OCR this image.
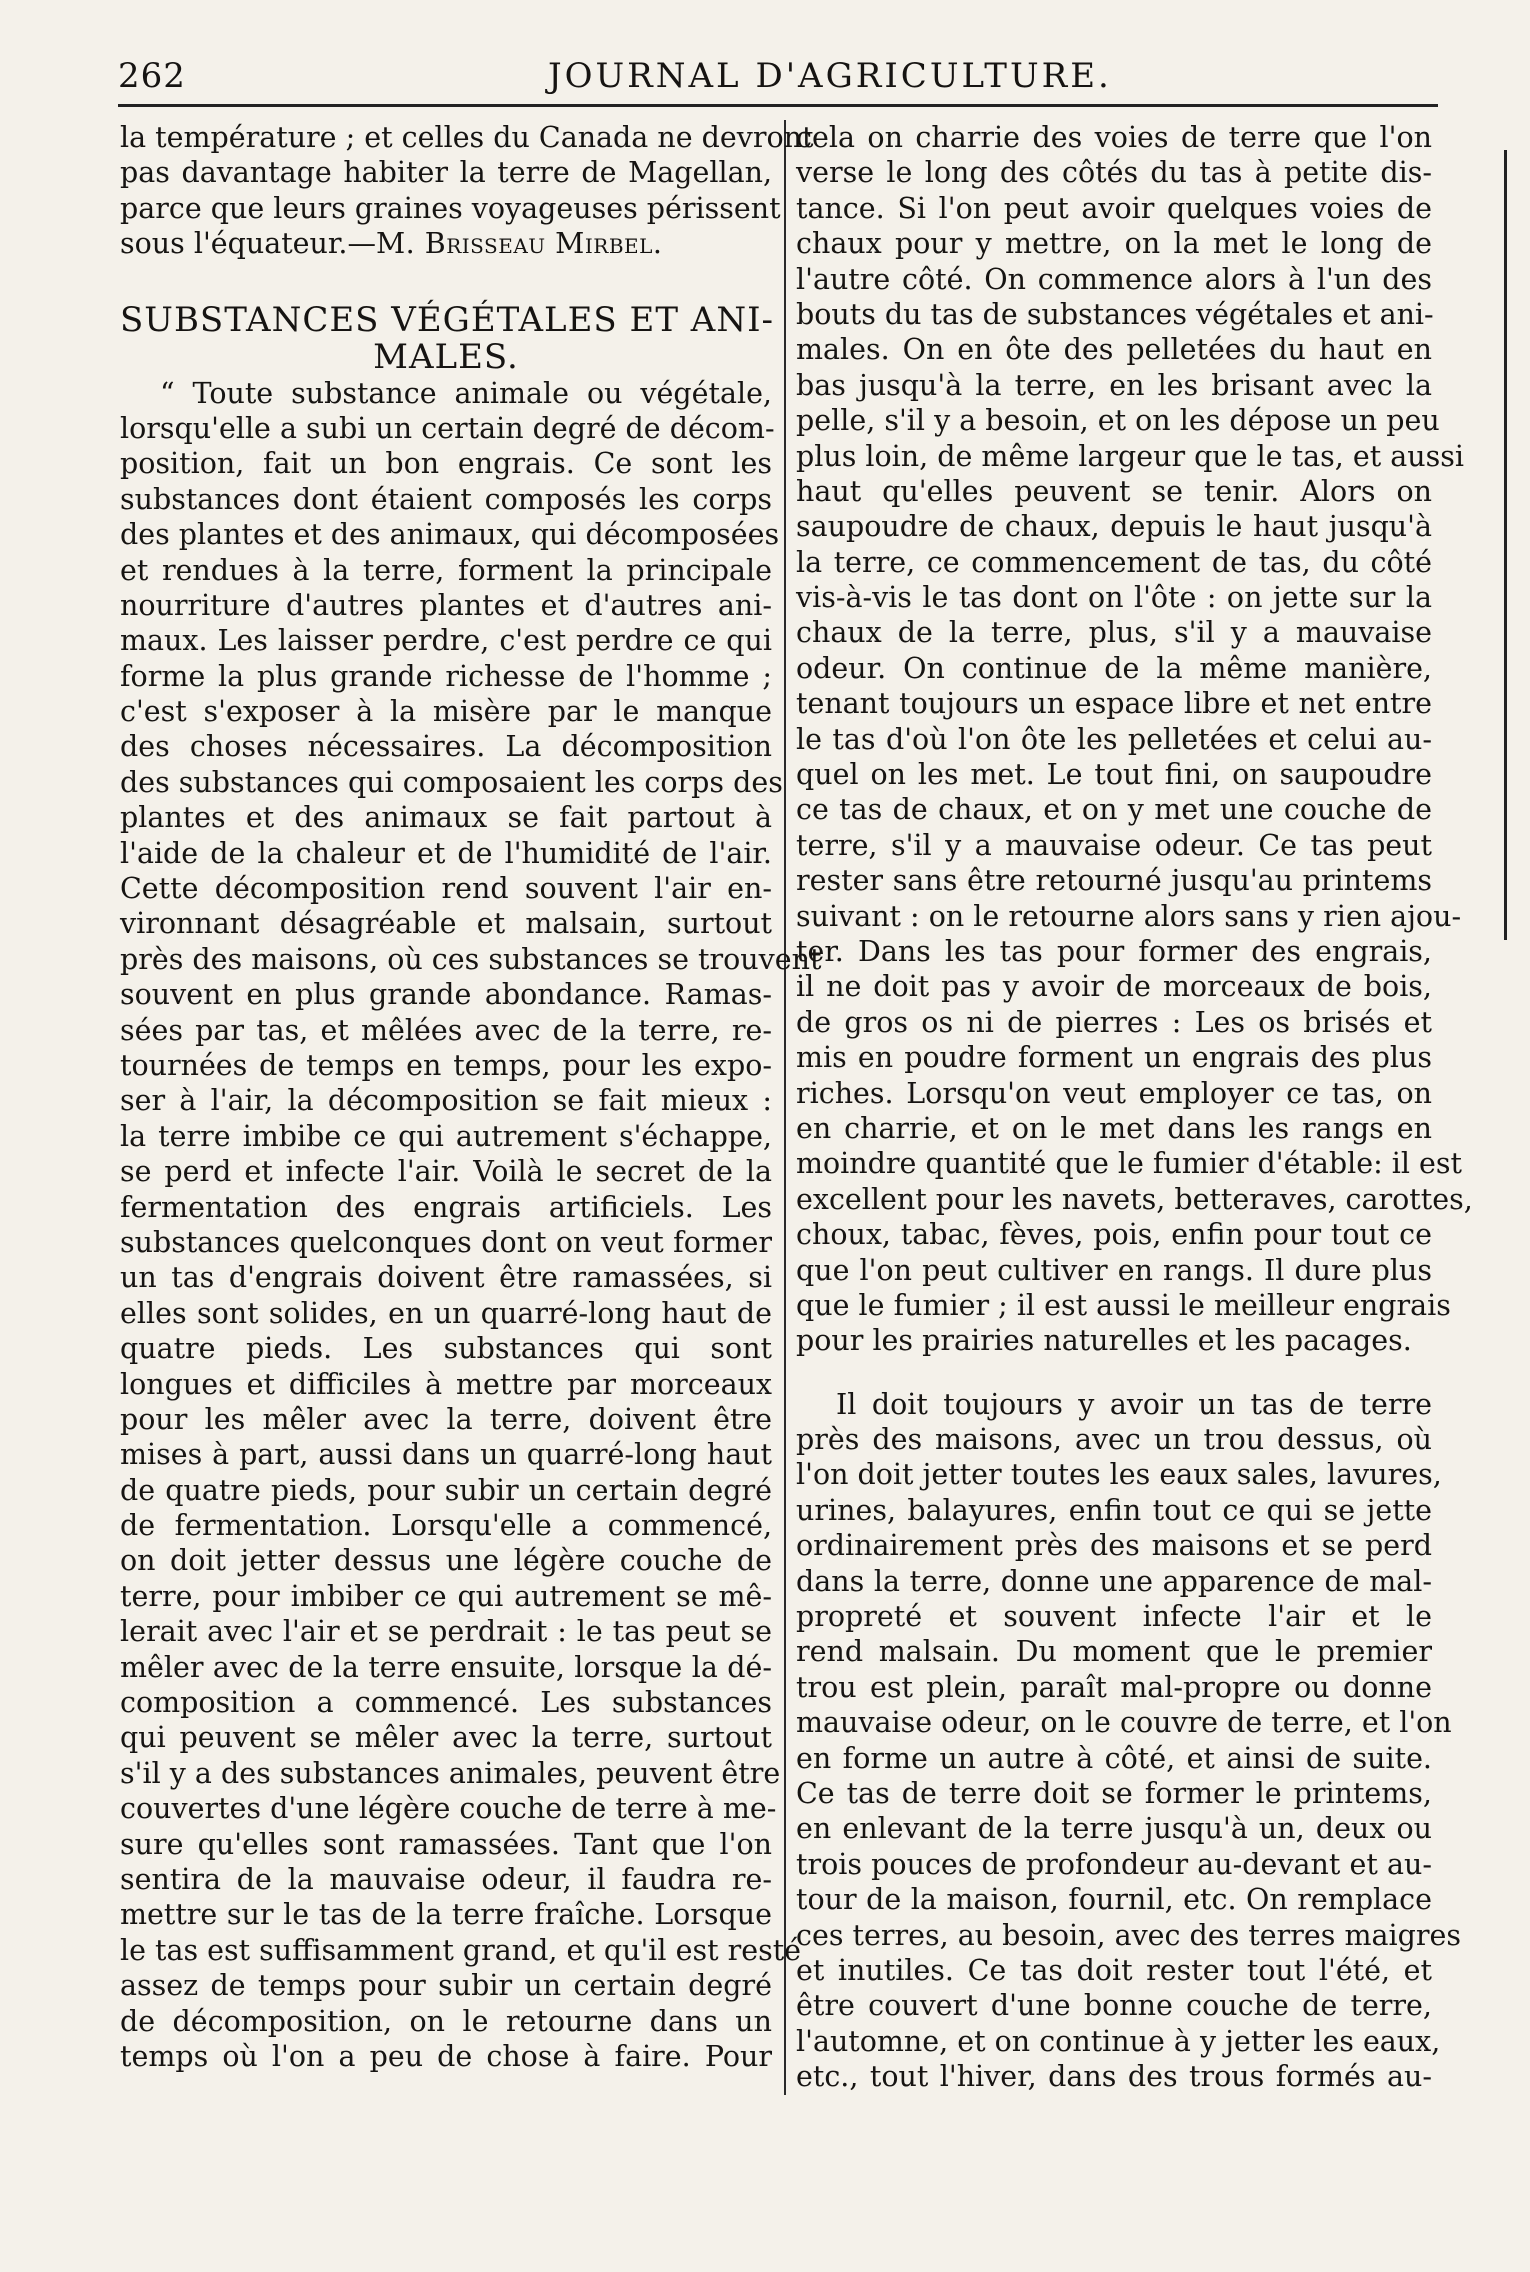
262	JOURNAL D'AGRICULTURE.
la température ; et celles du Canada ne devront
pas davantage habiter la terre de Magellan,
parce que leurs graines voyageuses périssent
sous l'équateur.—M. Brisseau Mirbel.
SUBSTANCES VÉGÉTALES ET ANI-
MALES.
“ Toute substance animale ou végétale,
lorsqu'elle a subi un certain degré de décom-
position, fait un bon engrais. Ce sont les
substances dont étaient composés les corps
des plantes et des animaux, qui décomposées
et rendues à la terre, forment la principale
nourriture d'autres plantes et d'autres ani-
maux. Les laisser perdre, c'est perdre ce qui
forme la plus grande richesse de l'homme ;
c'est s'exposer à la misère par le manque
des choses nécessaires. La décomposition
des substances qui composaient les corps des
plantes et des animaux se fait partout à
l'aide de la chaleur et de l'humidité de l'air.
Cette décomposition rend souvent l'air en-
vironnant désagréable et malsain, surtout
près des maisons, où ces substances se trouvent
souvent en plus grande abondance. Ramas-
sées par tas, et mêlées avec de la terre, re-
tournées de temps en temps, pour les expo-
ser à l'air, la décomposition se fait mieux :
la terre imbibe ce qui autrement s'échappe,
se perd et infecte l'air. Voilà le secret de la
fermentation des engrais artificiels. Les
substances quelconques dont on veut former
un tas d'engrais doivent être ramassées, si
elles sont solides, en un quarré-long haut de
quatre pieds. Les substances qui sont
longues et difficiles à mettre par morceaux
pour les mêler avec la terre, doivent être
mises à part, aussi dans un quarré-long haut
de quatre pieds, pour subir un certain degré
de fermentation. Lorsqu'elle a commencé,
on doit jetter dessus une légère couche de
terre, pour imbiber ce qui autrement se mê-
lerait avec l'air et se perdrait : le tas peut se
mêler avec de la terre ensuite, lorsque la dé-
composition a commencé. Les substances
qui peuvent se mêler avec la terre, surtout
s'il y a des substances animales, peuvent être
couvertes d'une légère couche de terre à me-
sure qu'elles sont ramassées. Tant que l'on
sentira de la mauvaise odeur, il faudra re-
mettre sur le tas de la terre fraîche. Lorsque
le tas est suffisamment grand, et qu'il est resté
assez de temps pour subir un certain degré
de décomposition, on le retourne dans un
temps où l'on a peu de chose à faire. Pour
cela on charrie des voies de terre que l'on
verse le long des côtés du tas à petite dis-
tance. Si l'on peut avoir quelques voies de
chaux pour y mettre, on la met le long de
l'autre côté. On commence alors à l'un des
bouts du tas de substances végétales et ani-
males. On en ôte des pelletées du haut en
bas jusqu'à la terre, en les brisant avec la
pelle, s'il y a besoin, et on les dépose un peu
plus loin, de même largeur que le tas, et aussi
haut qu'elles peuvent se tenir. Alors on
saupoudre de chaux, depuis le haut jusqu'à
la terre, ce commencement de tas, du côté
vis-à-vis le tas dont on l'ôte : on jette sur la
chaux de la terre, plus, s'il y a mauvaise
odeur. On continue de la même manière,
tenant toujours un espace libre et net entre
le tas d'où l'on ôte les pelletées et celui au-
quel on les met. Le tout fini, on saupoudre
ce tas de chaux, et on y met une couche de
terre, s'il y a mauvaise odeur. Ce tas peut
rester sans être retourné jusqu'au printems
suivant : on le retourne alors sans y rien ajou-
ter. Dans les tas pour former des engrais,
il ne doit pas y avoir de morceaux de bois,
de gros os ni de pierres : Les os brisés et
mis en poudre forment un engrais des plus
riches. Lorsqu'on veut employer ce tas, on
en charrie, et on le met dans les rangs en
moindre quantité que le fumier d'étable: il est
excellent pour les navets, betteraves, carottes,
choux, tabac, fèves, pois, enfin pour tout ce
que l'on peut cultiver en rangs. Il dure plus
que le fumier ; il est aussi le meilleur engrais
pour les prairies naturelles et les pacages.
Il doit toujours y avoir un tas de terre
près des maisons, avec un trou dessus, où
l'on doit jetter toutes les eaux sales, lavures,
urines, balayures, enfin tout ce qui se jette
ordinairement près des maisons et se perd
dans la terre, donne une apparence de mal-
propreté et souvent infecte l'air et le
rend malsain. Du moment que le premier
trou est plein, paraît mal-propre ou donne
mauvaise odeur, on le couvre de terre, et l'on
en forme un autre à côté, et ainsi de suite.
Ce tas de terre doit se former le printems,
en enlevant de la terre jusqu'à un, deux ou
trois pouces de profondeur au-devant et au-
tour de la maison, fournil, etc. On remplace
ces terres, au besoin, avec des terres maigres
et inutiles. Ce tas doit rester tout l'été, et
être couvert d'une bonne couche de terre,
l'automne, et on continue à y jetter les eaux,
etc., tout l'hiver, dans des trous formés au-
